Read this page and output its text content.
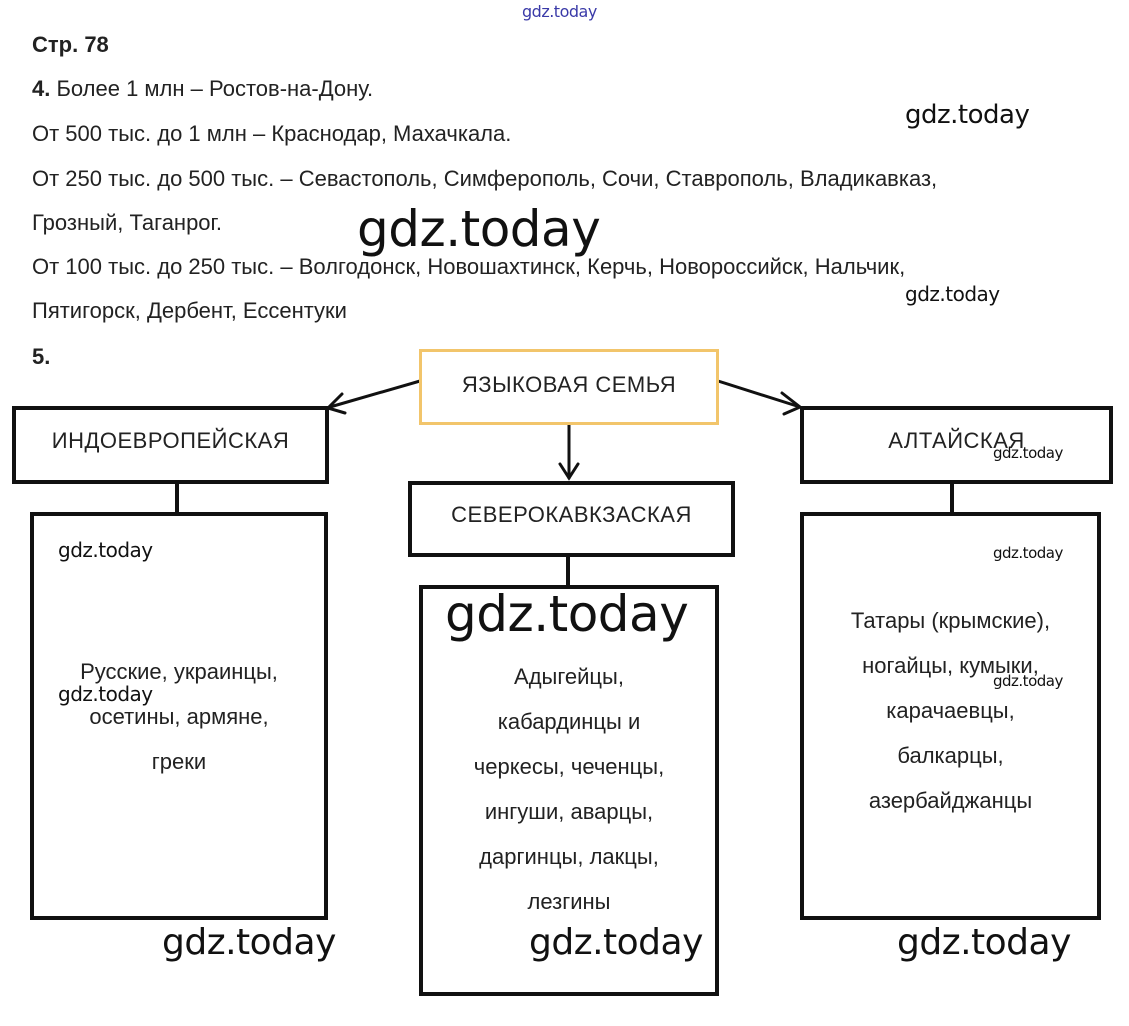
gdz.today
Стр. 78
4. Более 1 млн – Ростов-на-Дону.
От 500 тыс. до 1 млн – Краснодар, Махачкала.
От 250 тыс. до 500 тыс. – Севастополь, Симферополь, Сочи, Ставрополь, Владикавказ,
Грозный, Таганрог.
От 100 тыс. до 250 тыс. – Волгодонск, Новошахтинск, Керчь, Новороссийск, Нальчик,
Пятигорск, Дербент, Ессентуки
5.
ЯЗЫКОВАЯ СЕМЬЯ
ИНДОЕВРОПЕЙСКАЯ
Русские, украинцы,
осетины, армяне,
греки
СЕВЕРОКАВКЗАСКАЯ
Адыгейцы,
кабардинцы и
черкесы, чеченцы,
ингуши, аварцы,
даргинцы, лакцы,
лезгины
АЛТАЙСКАЯ
Татары (крымские),
ногайцы, кумыки,
карачаевцы,
балкарцы,
азербайджанцы
gdz.today
gdz.today
gdz.today
gdz.today
gdz.today	gdz.today
gdz.today
gdz.today
gdz.today
gdz.today	gdz.today	gdz.today
